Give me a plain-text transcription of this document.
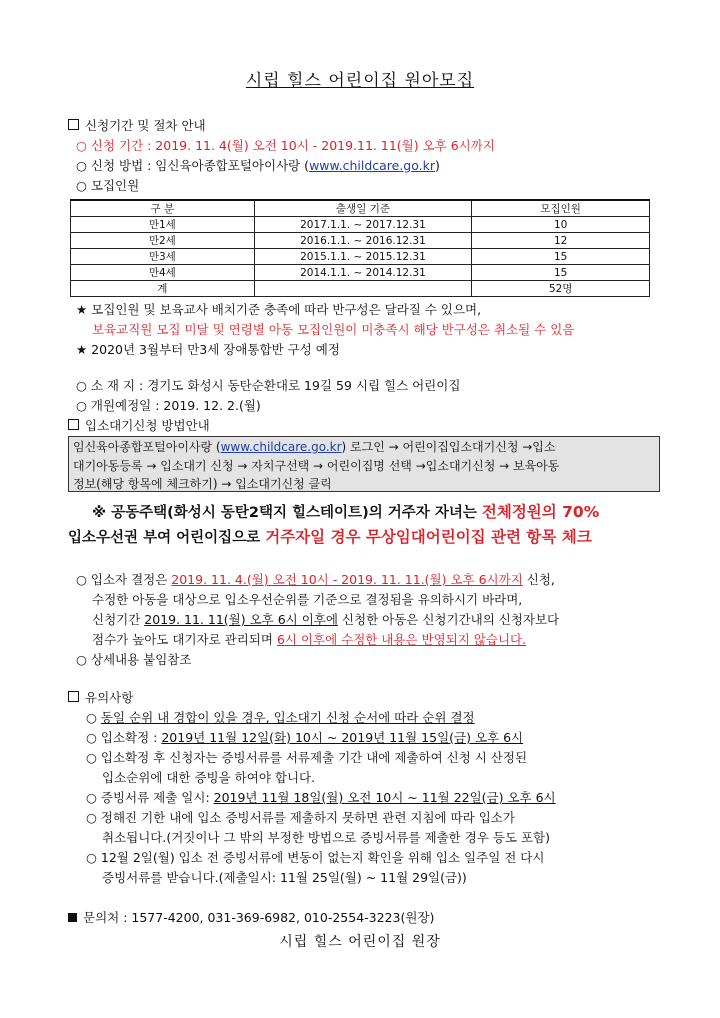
시립 힐스 어린이집 원아모집
신청기간 및 절차 안내
○ 신청 기간 : 2019. 11. 4(월) 오전 10시 - 2019.11. 11(월) 오후 6시까지
○ 신청 방법 : 임신육아종합포털아이사랑 (www.childcare.go.kr)
○ 모집인원
구 분	출생일 기준	모집인원
만1세	2017.1.1. ~ 2017.12.31	10
만2세	2016.1.1. ~ 2016.12.31	12
만3세	2015.1.1. ~ 2015.12.31	15
만4세	2014.1.1. ~ 2014.12.31	15
계		52명
★ 모집인원 및 보육교사 배치기준 충족에 따라 반구성은 달라질 수 있으며,
보육교직원 모집 미달 및 연령별 아동 모집인원이 미충족시 해당 반구성은 취소될 수 있음
★ 2020년 3월부터 만3세 장애통합반 구성 예정
○ 소 재 지 : 경기도 화성시 동탄순환대로 19길 59 시립 힐스 어린이집
○ 개원예정일 : 2019. 12. 2.(월)
입소대기신청 방법안내
임신육아종합포털아이사랑 (www.childcare.go.kr) 로그인 → 어린이집입소대기신청 →입소
대기아동등록 → 입소대기 신청 → 자치구선택 → 어린이집명 선택 →입소대기신청 → 보육아동
정보(해당 항목에 체크하기) → 입소대기신청 클릭
※ 공동주택(화성시 동탄2택지 힐스테이트)의 거주자 자녀는 전체정원의 70%
입소우선권 부여 어린이집으로 거주자일 경우 무상임대어린이집 관련 항목 체크
○ 입소자 결정은 2019. 11. 4.(월) 오전 10시 - 2019. 11. 11.(월) 오후 6시까지 신청,
수정한 아동을 대상으로 입소우선순위를 기준으로 결정됨을 유의하시기 바라며,
신청기간 2019. 11. 11(월) 오후 6시 이후에 신청한 아동은 신청기간내의 신청자보다
점수가 높아도 대기자로 관리되며 6시 이후에 수정한 내용은 반영되지 않습니다.
○ 상세내용 붙임참조
유의사항
○ 동일 순위 내 경합이 있을 경우, 입소대기 신청 순서에 따라 순위 결정
○ 입소확정 : 2019년 11월 12일(화) 10시 ~ 2019년 11월 15일(금) 오후 6시
○ 입소확정 후 신청자는 증빙서류를 서류제출 기간 내에 제출하여 신청 시 산정된
입소순위에 대한 증빙을 하여야 합니다.
○ 증빙서류 제출 일시: 2019년 11월 18일(월) 오전 10시 ~ 11월 22일(금) 오후 6시
○ 정해진 기한 내에 입소 증빙서류를 제출하지 못하면 관련 지침에 따라 입소가
취소됩니다.(거짓이나 그 밖의 부정한 방법으로 증빙서류를 제출한 경우 등도 포함)
○ 12월 2일(월) 입소 전 증빙서류에 변동이 없는지 확인을 위해 입소 일주일 전 다시
증빙서류를 받습니다.(제출일시: 11월 25일(월) ~ 11월 29일(금))
문의처 : 1577-4200, 031-369-6982, 010-2554-3223(원장)
시립 힐스 어린이집 원장
